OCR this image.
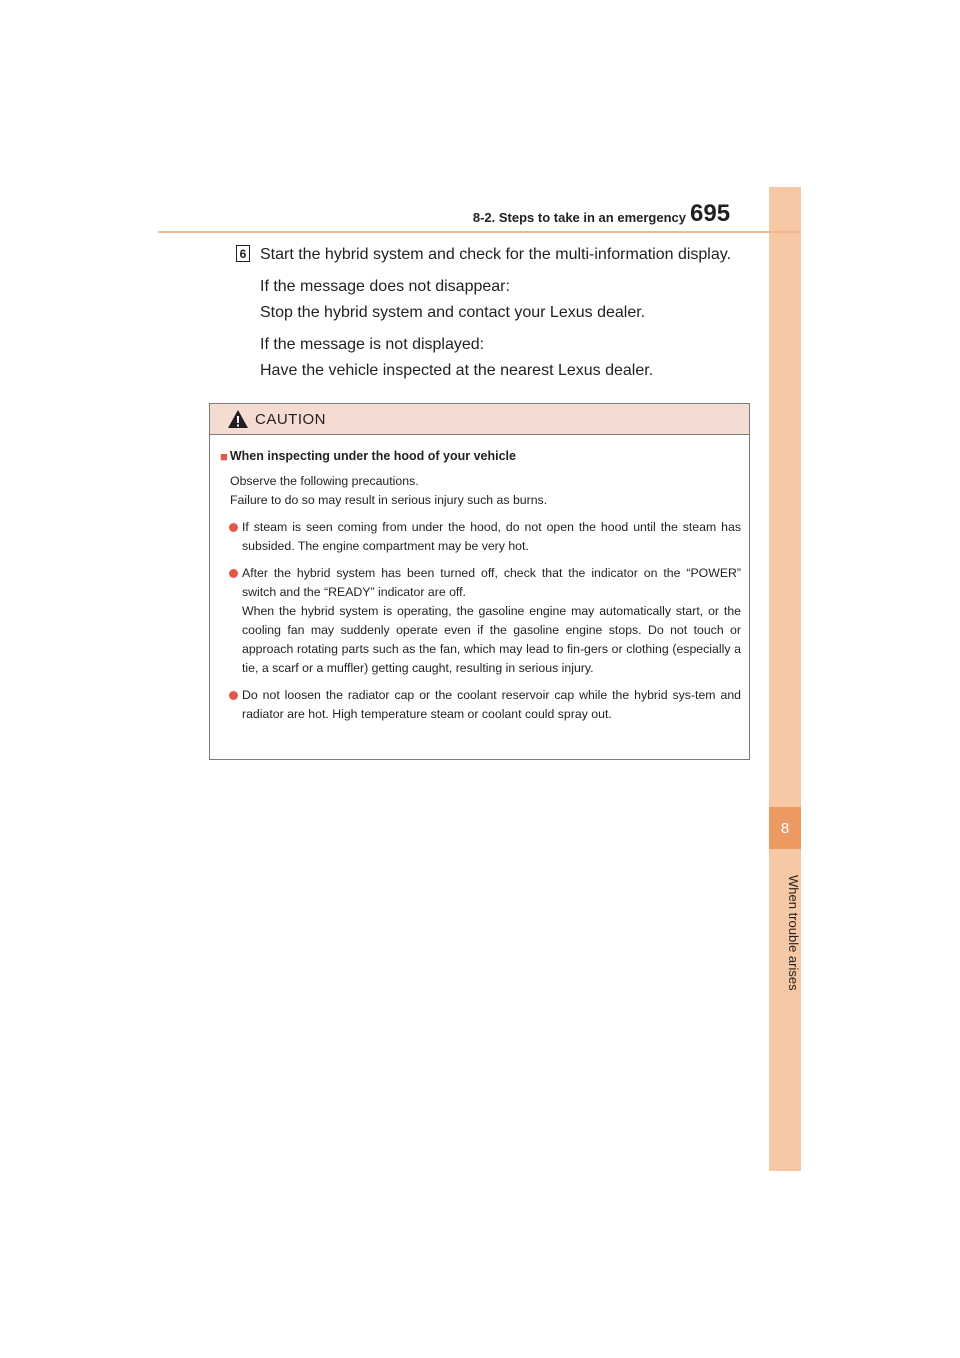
8
When trouble arises
8-2. Steps to take in an emergency 695
6 Start the hybrid system and check for the multi-information display.

If the message does not disappear:

Stop the hybrid system and contact your Lexus dealer.

If the message is not displayed:

Have the vehicle inspected at the nearest Lexus dealer.

CAUTION
■ When inspecting under the hood of your vehicle

Observe the following precautions.

Failure to do so may result in serious injury such as burns.

If steam is seen coming from under the hood, do not open the hood until the steam has subsided. The engine compartment may be very hot.

After the hybrid system has been turned off, check that the indicator on the “POWER” switch and the “READY” indicator are off.

When the hybrid system is operating, the gasoline engine may automatically start, or the cooling fan may suddenly operate even if the gasoline engine stops. Do not touch or approach rotating parts such as the fan, which may lead to fin-gers or clothing (especially a tie, a scarf or a muffler) getting caught, resulting in serious injury.

Do not loosen the radiator cap or the coolant reservoir cap while the hybrid sys-tem and radiator are hot. High temperature steam or coolant could spray out.
